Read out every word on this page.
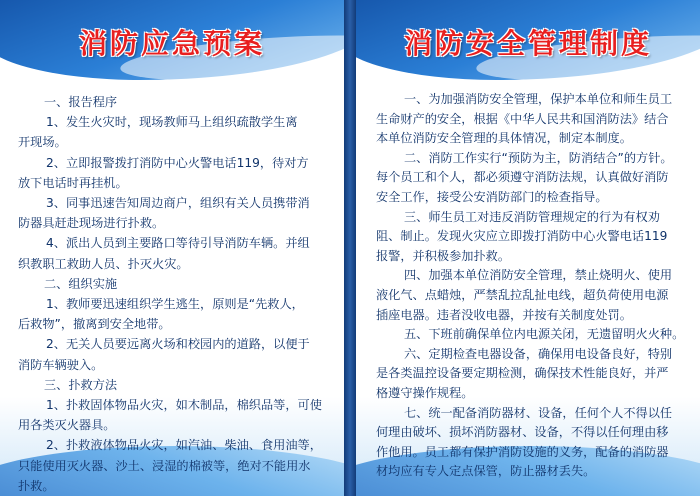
消防应急预案
一、报告程序
1、发生火灾时，现场教师马上组织疏散学生离
开现场。
2、立即报警拨打消防中心火警电话119，待对方
放下电话时再挂机。
3、同事迅速告知周边商户，组织有关人员携带消
防器具赶赴现场进行扑救。
4、派出人员到主要路口等待引导消防车辆。并组
织教职工救助人员、扑灭火灾。
二、组织实施
1、教师要迅速组织学生逃生，原则是“先救人，
后救物”，撤离到安全地带。
2、无关人员要远离火场和校园内的道路，以便于
消防车辆驶入。
三、扑救方法
1、扑救固体物品火灾，如木制品，棉织品等，可使
用各类灭火器具。
2、扑救液体物品火灾，如汽油、柴油、食用油等，
只能使用灭火器、沙土、浸湿的棉被等，绝对不能用水
扑救。
消防安全管理制度
一、为加强消防安全管理，保护本单位和师生员工
生命财产的安全，根据《中华人民共和国消防法》结合
本单位消防安全管理的具体情况，制定本制度。
二、消防工作实行“预防为主，防消结合”的方针。
每个员工和个人，都必须遵守消防法规，认真做好消防
安全工作，接受公安消防部门的检查指导。
三、师生员工对违反消防管理规定的行为有权劝
阻、制止。发现火灾应立即拨打消防中心火警电话119
报警，并积极参加扑救。
四、加强本单位消防安全管理，禁止烧明火、使用
液化气、点蜡烛，严禁乱拉乱扯电线，超负荷使用电源
插座电器。违者没收电器，并按有关制度处罚。
五、下班前确保单位内电源关闭，无遗留明火火种。
六、定期检查电器设备，确保用电设备良好，特别
是各类温控设备要定期检测，确保技术性能良好，并严
格遵守操作规程。
七、统一配备消防器材、设备，任何个人不得以任
何理由破坏、损坏消防器材、设备，不得以任何理由移
作他用。员工都有保护消防设施的义务，配备的消防器
材均应有专人定点保管，防止器材丢失。
